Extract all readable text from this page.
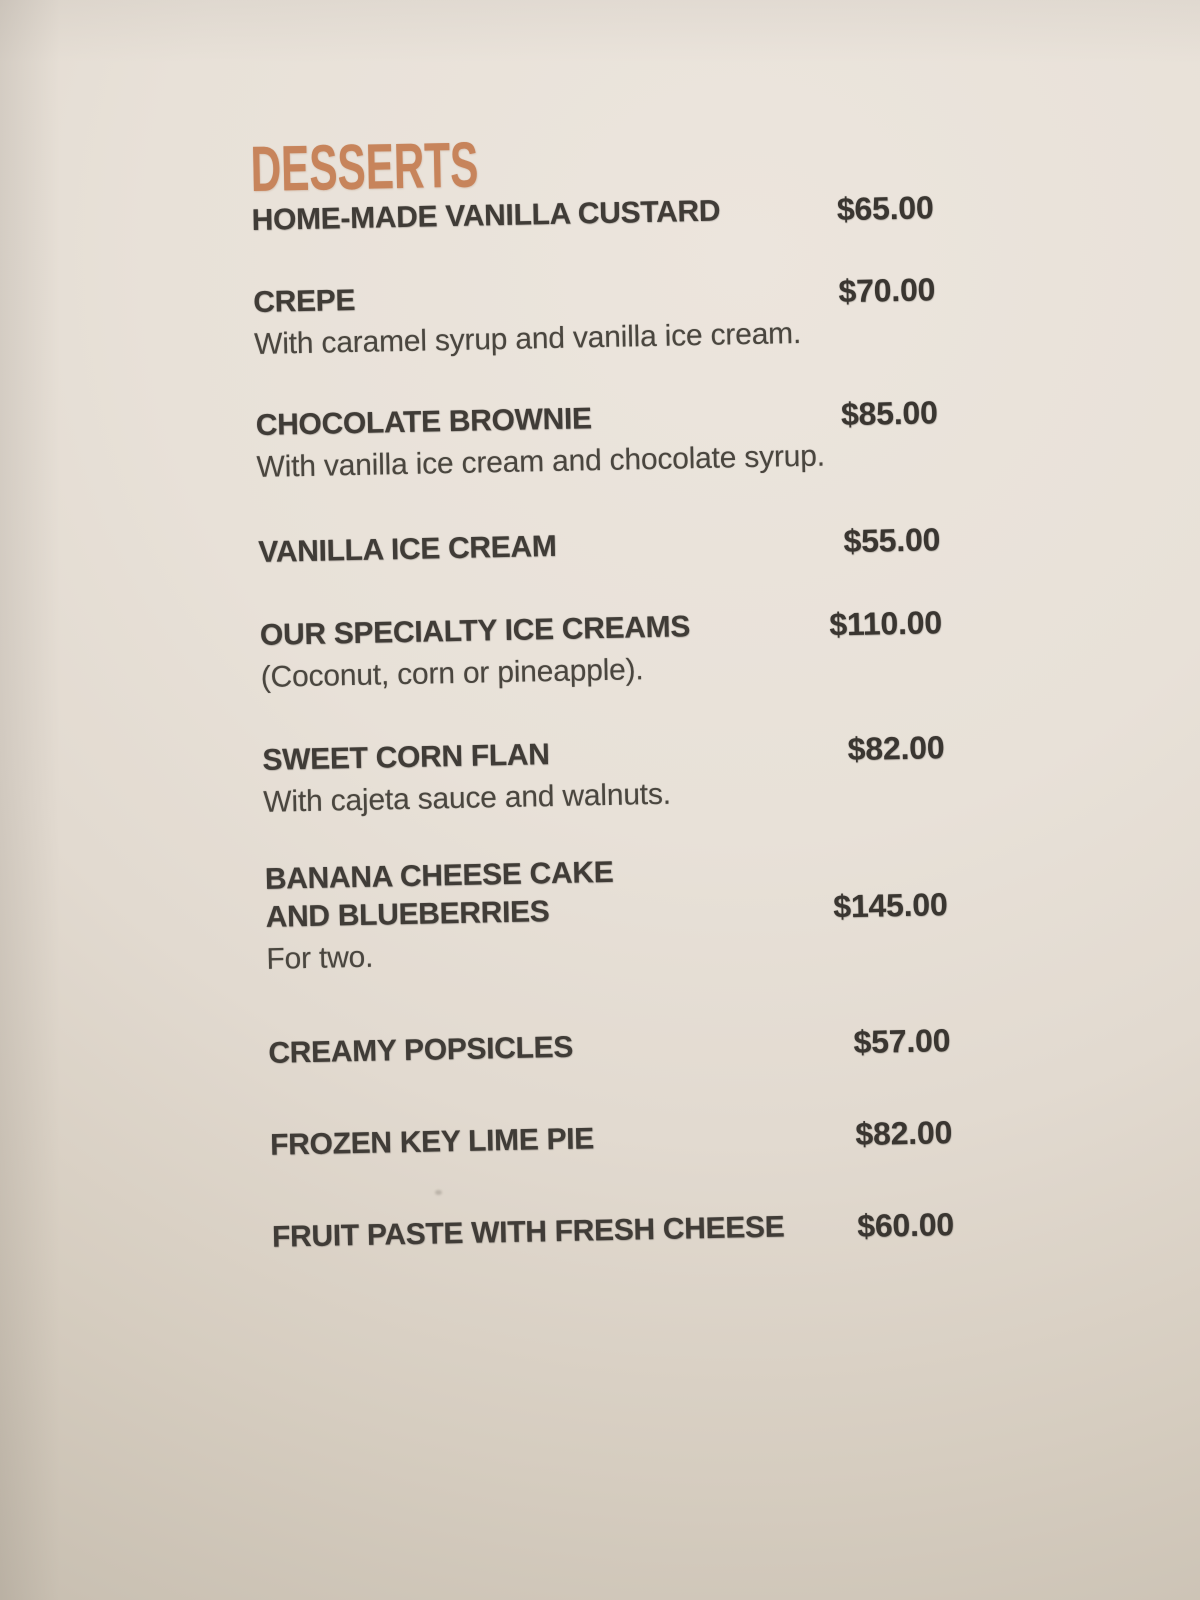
DESSERTS
HOME-MADE VANILLA CUSTARD	$65.00
CREPE	$70.00
With caramel syrup and vanilla ice cream.
CHOCOLATE BROWNIE	$85.00
With vanilla ice cream and chocolate syrup.
VANILLA ICE CREAM	$55.00
OUR SPECIALTY ICE CREAMS	$110.00
(Coconut, corn or pineapple).
SWEET CORN FLAN	$82.00
With cajeta sauce and walnuts.
BANANA CHEESE CAKE
AND BLUEBERRIES	$145.00
For two.
CREAMY POPSICLES	$57.00
FROZEN KEY LIME PIE	$82.00
FRUIT PASTE WITH FRESH CHEESE $60.00
